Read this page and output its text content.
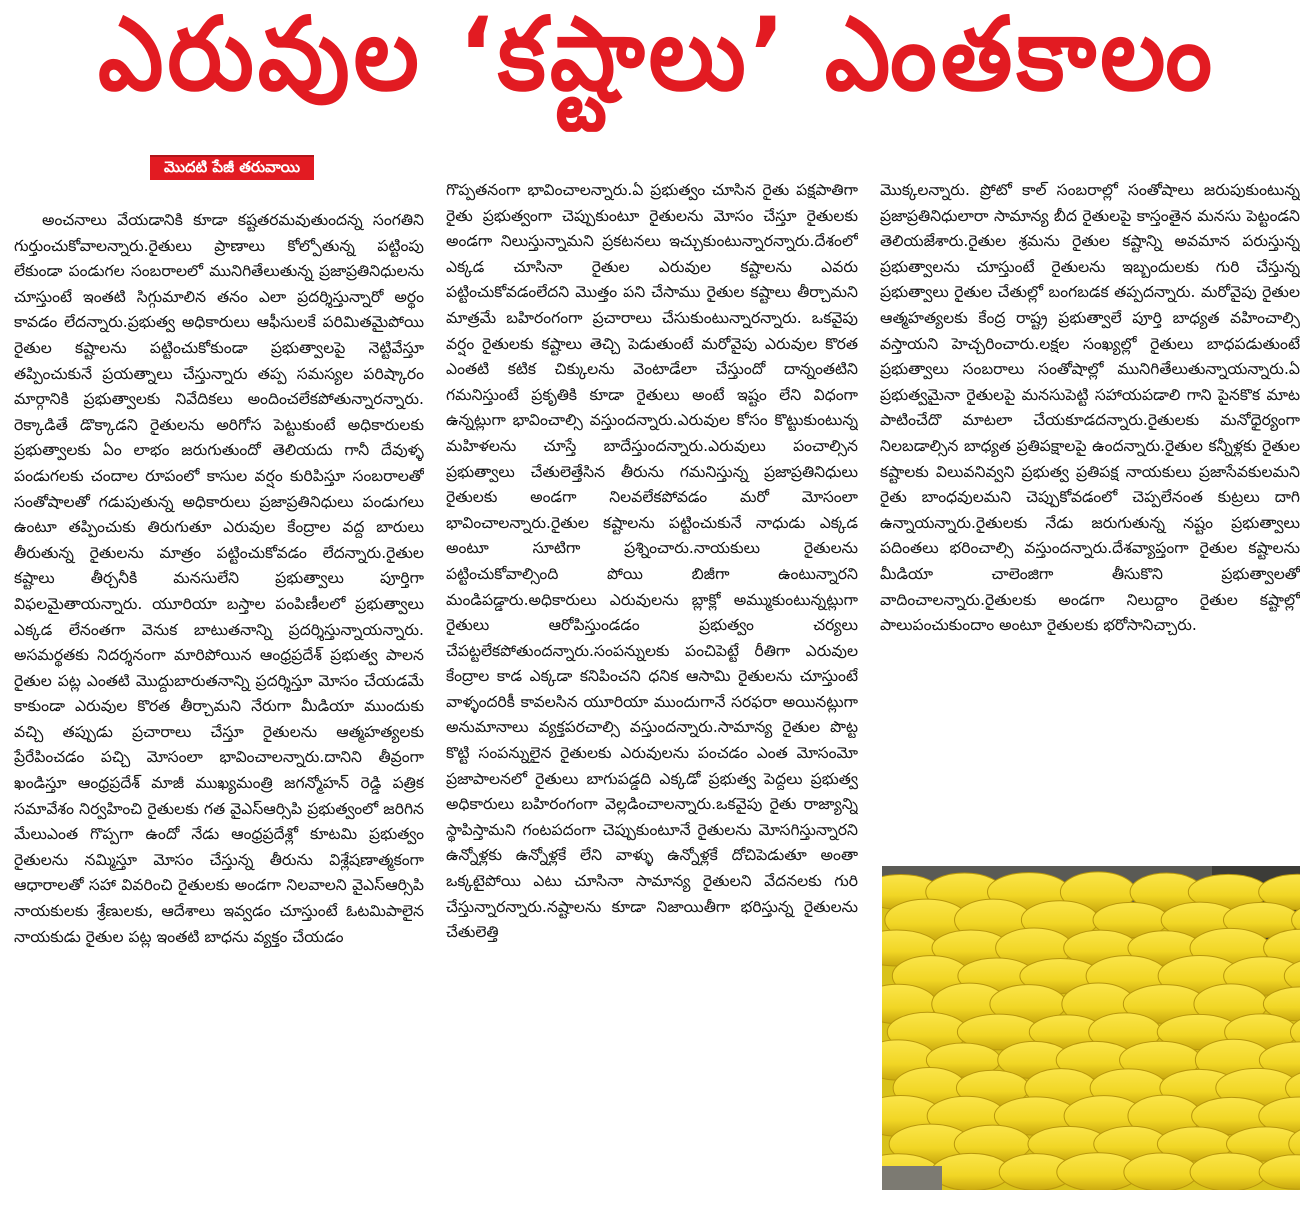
ఎరువుల ‘కష్టాలు’ ఎంతకాలం
మొదటి పేజీ తరువాయి

అంచనాలు వేయడానికి కూడా కష్టతరమవుతుందన్న సంగతిని గుర్తుంచుకోవాలన్నారు.రైతులు ప్రాణాలు కోల్పోతున్న పట్టింపు లేకుండా పండుగల సంబరాలలో మునిగితేలుతున్న ప్రజాప్రతినిధులను చూస్తుంటే ఇంతటి సిగ్గుమాలిన తనం ఎలా ప్రదర్శిస్తున్నారో అర్థం కావడం లేదన్నారు.ప్రభుత్వ అధికారులు ఆఫీసులకే పరిమితమైపోయి రైతుల కష్టాలను పట్టించుకోకుండా ప్రభుత్వాలపై నెట్టివేస్తూ తప్పించుకునే ప్రయత్నాలు చేస్తున్నారు తప్ప సమస్యల పరిష్కారం మార్గానికి ప్రభుత్వాలకు నివేదికలు అందించలేకపోతున్నారన్నారు. రెక్కాడితే డొక్కాడని రైతులను అరిగోస పెట్టుకుంటే అధికారులకు ప్రభుత్వాలకు ఏం లాభం జరుగుతుందో తెలియదు గానీ దేవుళ్ళ పండుగలకు చందాల రూపంలో కాసుల వర్షం కురిపిస్తూ సంబరాలతో సంతోషాలతో గడుపుతున్న అధికారులు ప్రజాప్రతినిధులు పండుగలు ఉంటూ తప్పించుకు తిరుగుతూ ఎరువుల కేంద్రాల వద్ద బారులు తీరుతున్న రైతులను మాత్రం పట్టించుకోవడం లేదన్నారు.రైతుల కష్టాలు తీర్చనీకి మనసులేని ప్రభుత్వాలు పూర్తిగా విఫలమైతాయన్నారు. యూరియా బస్తాల పంపిణీలలో ప్రభుత్వాలు ఎక్కడ లేనంతగా వెనుక బాటుతనాన్ని ప్రదర్శిస్తున్నాయన్నారు. అసమర్థతకు నిదర్శనంగా మారిపోయిన ఆంధ్రప్రదేశ్ ప్రభుత్వ పాలన రైతుల పట్ల ఎంతటి మొద్దుబారుతనాన్ని ప్రదర్శిస్తూ మోసం చేయడమే కాకుండా ఎరువుల కొరత తీర్చామని నేరుగా మీడియా ముందుకు వచ్చి తప్పుడు ప్రచారాలు చేస్తూ రైతులను ఆత్మహత్యలకు ప్రేరేపించడం పచ్చి మోసంలా భావించాలన్నారు.దానిని తీవ్రంగా ఖండిస్తూ ఆంధ్రప్రదేశ్ మాజీ ముఖ్యమంత్రి జగన్మోహన్ రెడ్డి పత్రిక సమావేశం నిర్వహించి రైతులకు గత వైఎస్ఆర్సిపి ప్రభుత్వంలో జరిగిన మేలుఎంత గొప్పగా ఉందో నేడు ఆంధ్రప్రదేశ్లో కూటమి ప్రభుత్వం రైతులను నమ్మిస్తూ మోసం చేస్తున్న తీరును విశ్లేషణాత్మకంగా ఆధారాలతో సహా వివరించి రైతులకు అండగా నిలవాలని వైఎస్ఆర్సిపి నాయకులకు శ్రేణులకు, ఆదేశాలు ఇవ్వడం చూస్తుంటే ఓటమిపాలైన నాయకుడు రైతుల పట్ల ఇంతటి బాధను వ్యక్తం చేయడం

గొప్పతనంగా భావించాలన్నారు.ఏ ప్రభుత్వం చూసిన రైతు పక్షపాతిగా రైతు ప్రభుత్వంగా చెప్పుకుంటూ రైతులను మోసం చేస్తూ రైతులకు అండగా నిలుస్తున్నామని ప్రకటనలు ఇచ్చుకుంటున్నారన్నారు.దేశంలో ఎక్కడ చూసినా రైతుల ఎరువుల కష్టాలను ఎవరు పట్టించుకోవడంలేదని మొత్తం పని చేసాము రైతుల కష్టాలు తీర్చామని మాత్రమే బహిరంగంగా ప్రచారాలు చేసుకుంటున్నారన్నారు. ఒకవైపు వర్షం రైతులకు కష్టాలు తెచ్చి పెడుతుంటే మరోవైపు ఎరువుల కొరత ఎంతటి కటిక చిక్కులను వెంటాడేలా చేస్తుందో దాన్నంతటిని గమనిస్తుంటే ప్రకృతికి కూడా రైతులు అంటే ఇష్టం లేని విధంగా ఉన్నట్లుగా భావించాల్సి వస్తుందన్నారు.ఎరువుల కోసం కొట్టుకుంటున్న మహిళలను చూస్తే బాదేస్తుందన్నారు.ఎరువులు పంచాల్సిన ప్రభుత్వాలు చేతులెత్తేసిన తీరును గమనిస్తున్న ప్రజాప్రతినిధులు రైతులకు అండగా నిలవలేకపోవడం మరో మోసంలా భావించాలన్నారు.రైతుల కష్టాలను పట్టించుకునే నాధుడు ఎక్కడ అంటూ సూటిగా ప్రశ్నించారు.నాయకులు రైతులను పట్టించుకోవాల్సింది పోయి బిజీగా ఉంటున్నారని మండిపడ్డారు.అధికారులు ఎరువులను బ్లాక్లో అమ్ముకుంటున్నట్లుగా రైతులు ఆరోపిస్తుండడం ప్రభుత్వం చర్యలు చేపట్టలేకపోతుందన్నారు.సంపన్నులకు పంచిపెట్టే రీతిగా ఎరువుల కేంద్రాల కాడ ఎక్కడా కనిపించని ధనిక ఆసామి రైతులను చూస్తుంటే వాళ్ళందరికీ కావలసిన యూరియా ముందుగానే సరఫరా అయినట్లుగా అనుమానాలు వ్యక్తపరచాల్సి వస్తుందన్నారు.సామాన్య రైతుల పొట్ట కొట్టి సంపన్నులైన రైతులకు ఎరువులను పంచడం ఎంత మోసంమో ప్రజాపాలనలో రైతులు బాగుపడ్డది ఎక్కడో ప్రభుత్వ పెద్దలు ప్రభుత్వ అధికారులు బహిరంగంగా వెల్లడించాలన్నారు.ఒకవైపు రైతు రాజ్యాన్ని స్థాపిస్తామని గంటపదంగా చెప్పుకుంటూనే రైతులను మోసగిస్తున్నారని ఉన్నోళ్లకు ఉన్నోళ్లకే లేని వాళ్ళు ఉన్నోళ్లకే దోచిపెడుతూ అంతా ఒక్కటైపోయి ఎటు చూసినా సామాన్య రైతులని వేదనలకు గురి చేస్తున్నారన్నారు.నష్టాలను కూడా నిజాయితీగా భరిస్తున్న రైతులను చేతులెత్తి

మొక్కలన్నారు. ప్రోటో కాల్ సంబరాల్లో సంతోషాలు జరుపుకుంటున్న ప్రజాప్రతినిధులారా సామాన్య బీద రైతులపై కాస్తంతైన మనసు పెట్టండని తెలియజేశారు.రైతుల శ్రమను రైతుల కష్టాన్ని అవమాన పరుస్తున్న ప్రభుత్వాలను చూస్తుంటే రైతులను ఇబ్బందులకు గురి చేస్తున్న ప్రభుత్వాలు రైతుల చేతుల్లో బంగబడక తప్పదన్నారు. మరోవైపు రైతుల ఆత్మహత్యలకు కేంద్ర రాష్ట్ర ప్రభుత్వాలే పూర్తి బాధ్యత వహించాల్సి వస్తాయని హెచ్చరించారు.లక్షల సంఖ్యల్లో రైతులు బాధపడుతుంటే ప్రభుత్వాలు సంబరాలు సంతోషాల్లో మునిగితేలుతున్నాయన్నారు.ఏ ప్రభుత్వమైనా రైతులపై మనసుపెట్టి సహాయపడాలి గాని పైనకొక మాట పాటించేదొ మాటలా చేయకూడదన్నారు.రైతులకు మనోధైర్యంగా నిలబడాల్సిన బాధ్యత ప్రతిపక్షాలపై ఉందన్నారు.రైతుల కన్నీళ్లకు రైతుల కష్టాలకు విలువనివ్వని ప్రభుత్వ ప్రతిపక్ష నాయకులు ప్రజాసేవకులమని రైతు బాంధవులమని చెప్పుకోవడంలో చెప్పలేనంత కుట్రలు దాగి ఉన్నాయన్నారు.రైతులకు నేడు జరుగుతున్న నష్టం ప్రభుత్వాలు పదింతలు భరించాల్సి వస్తుందన్నారు.దేశవ్యాప్తంగా రైతుల కష్టాలను మీడియా చాలెంజిగా తీసుకొని ప్రభుత్వాలతో వాదించాలన్నారు.రైతులకు అండగా నిలుద్దాం రైతుల కష్టాల్లో పాలుపంచుకుందాం అంటూ రైతులకు భరోసానిచ్చారు.
